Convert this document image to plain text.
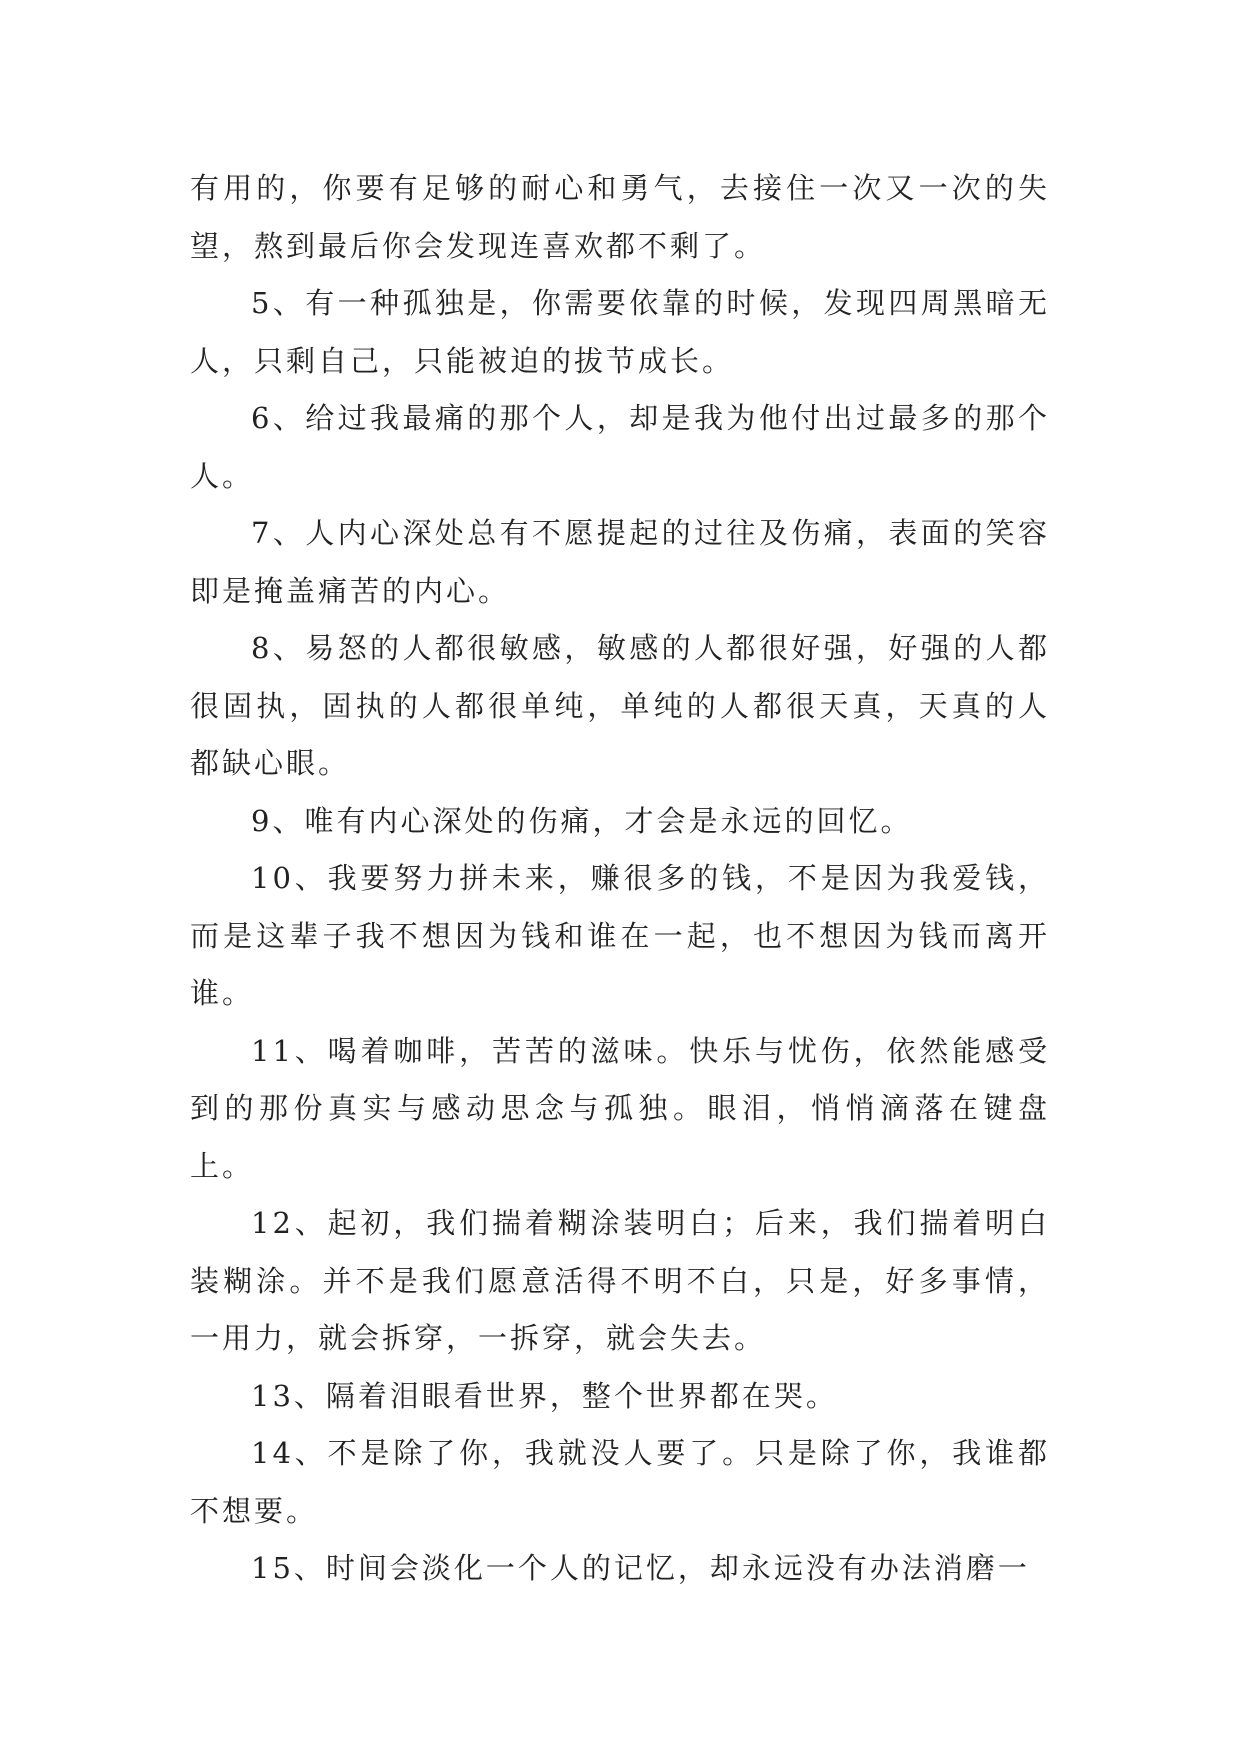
有用的，你要有足够的耐心和勇气，去接住一次又一次的失望，熬到最后你会发现连喜欢都不剩了。

5、有一种孤独是，你需要依靠的时候，发现四周黑暗无人，只剩自己，只能被迫的拔节成长。

6、给过我最痛的那个人，却是我为他付出过最多的那个人。

7、人内心深处总有不愿提起的过往及伤痛，表面的笑容即是掩盖痛苦的内心。

8、易怒的人都很敏感，敏感的人都很好强，好强的人都很固执，固执的人都很单纯，单纯的人都很天真，天真的人都缺心眼。

9、唯有内心深处的伤痛，才会是永远的回忆。

10、我要努力拼未来，赚很多的钱，不是因为我爱钱，而是这辈子我不想因为钱和谁在一起，也不想因为钱而离开谁。

11、喝着咖啡，苦苦的滋味。快乐与忧伤，依然能感受到的那份真实与感动思念与孤独。眼泪，悄悄滴落在键盘上。

12、起初，我们揣着糊涂装明白；后来，我们揣着明白装糊涂。并不是我们愿意活得不明不白，只是，好多事情，一用力，就会拆穿，一拆穿，就会失去。

13、隔着泪眼看世界，整个世界都在哭。

14、不是除了你，我就没人要了。只是除了你，我谁都不想要。

15、时间会淡化一个人的记忆，却永远没有办法消磨一
